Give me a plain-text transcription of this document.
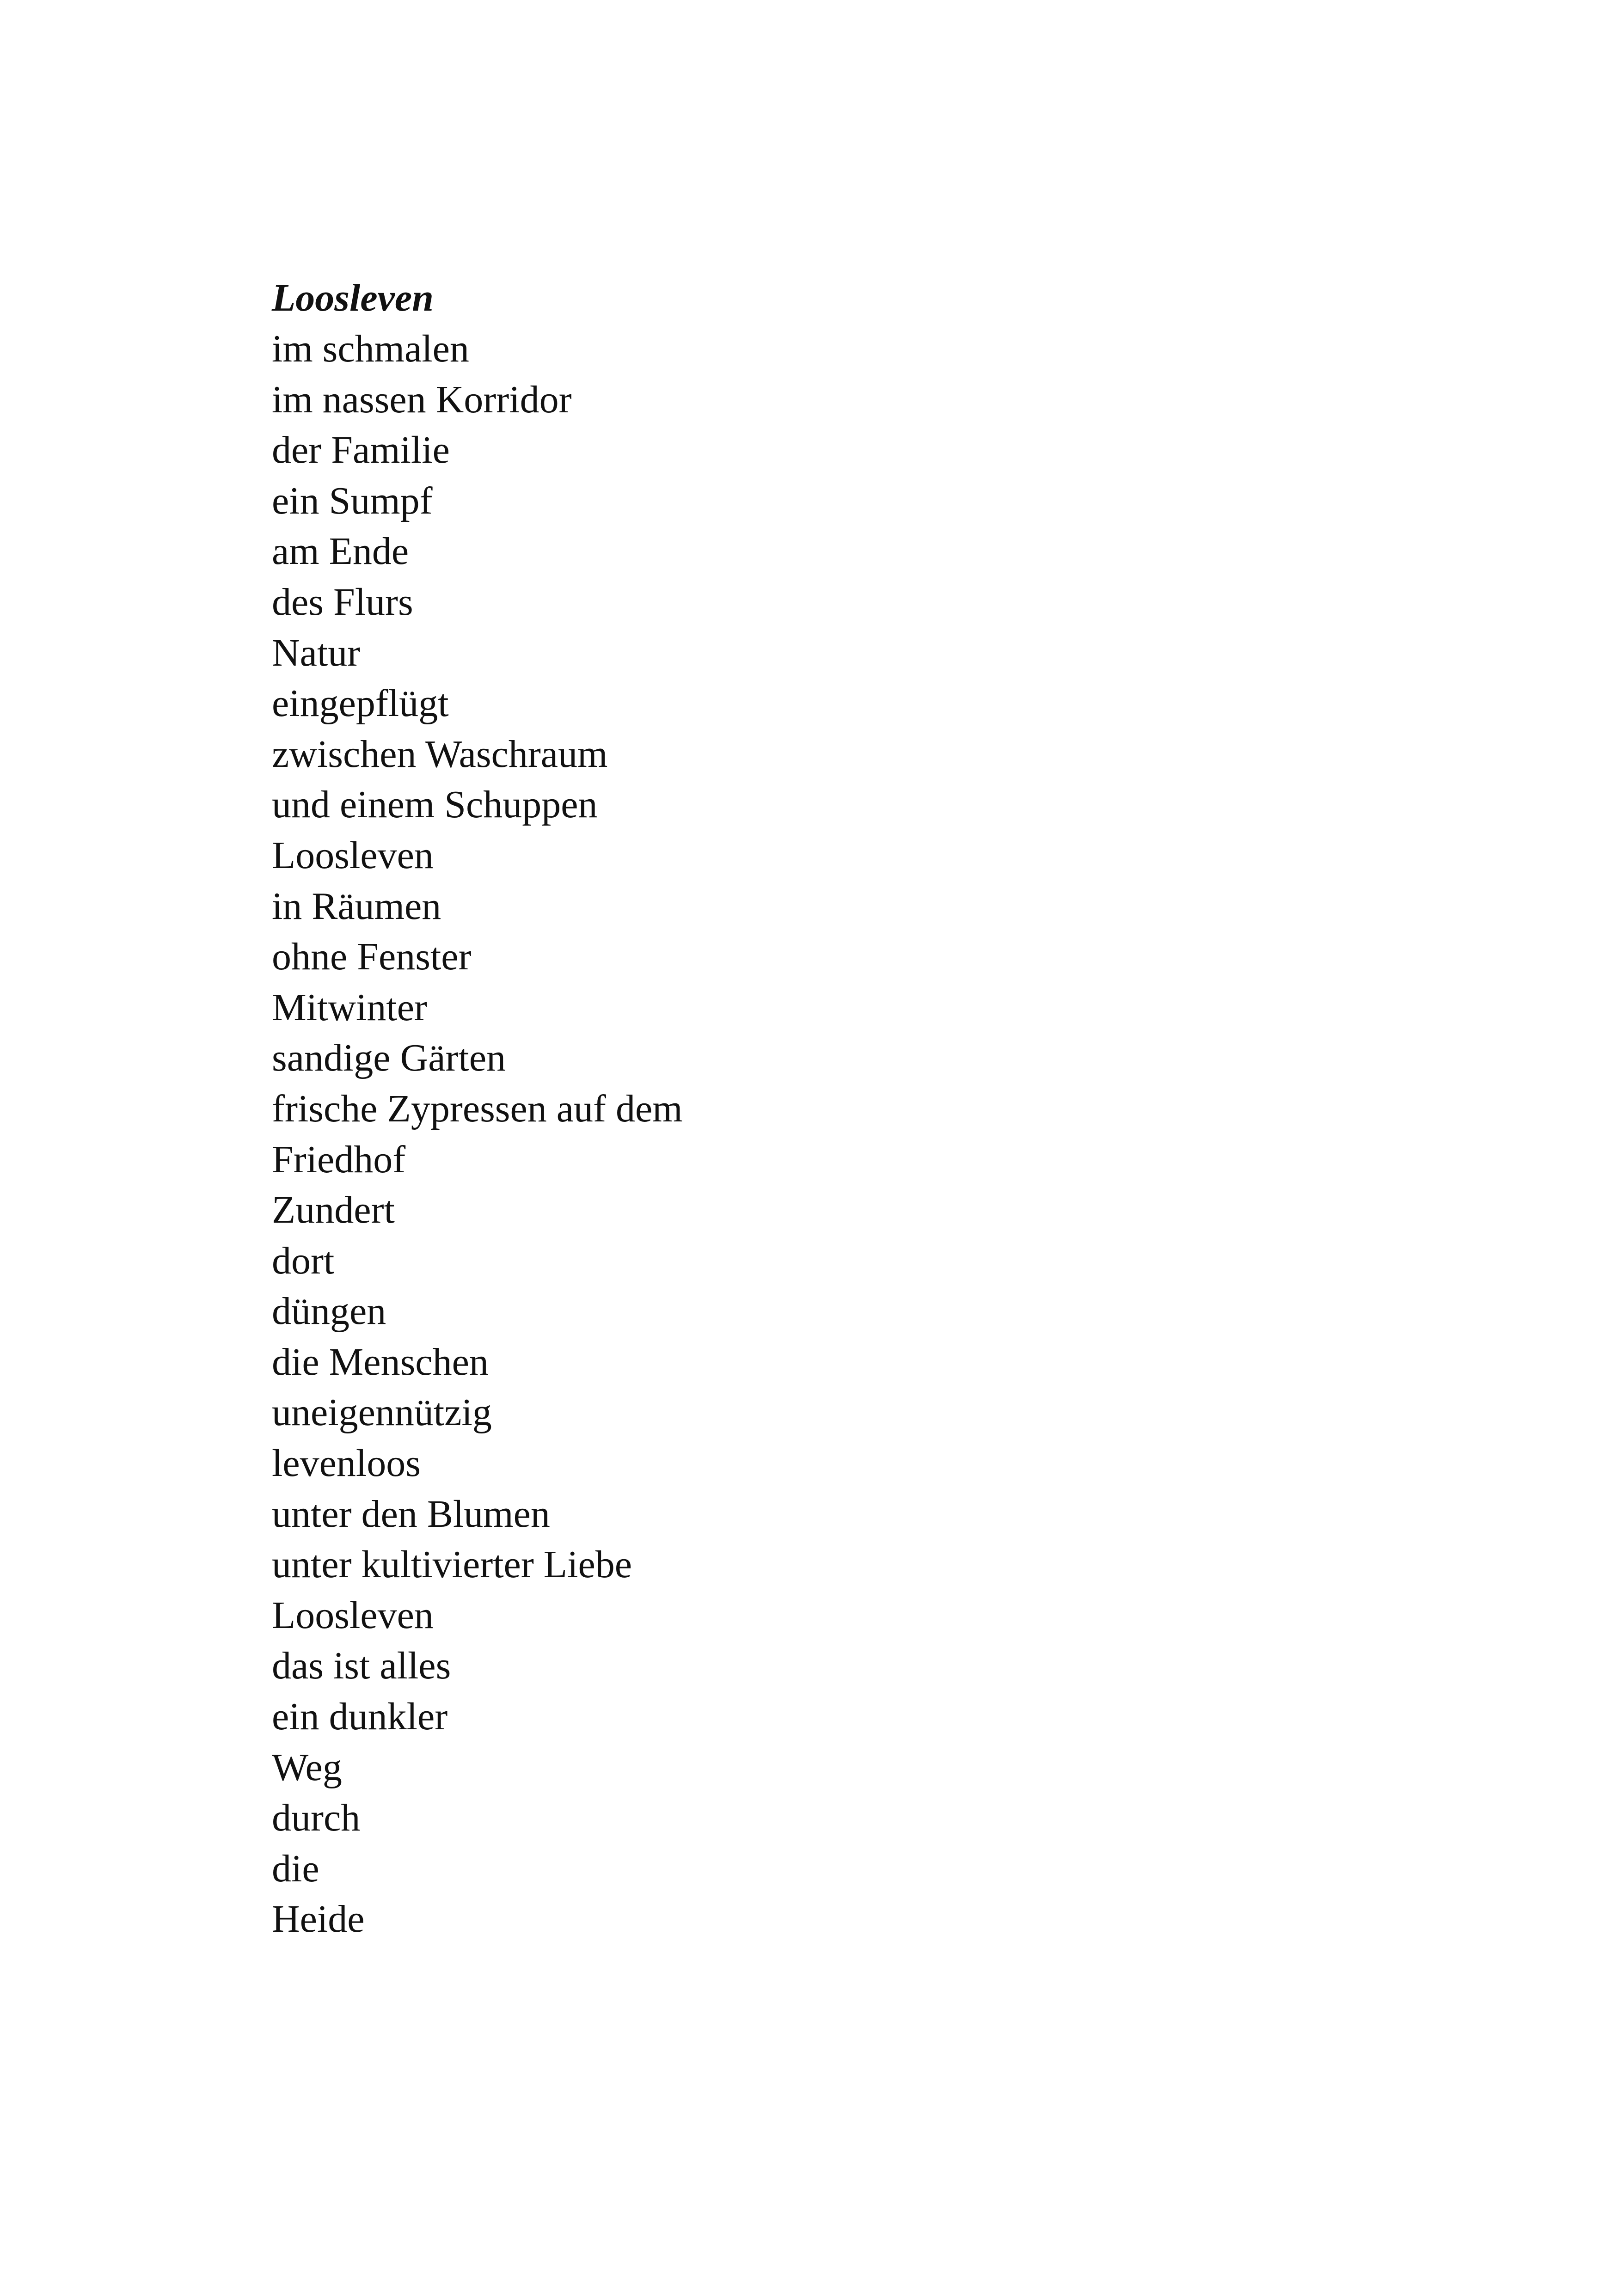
Loosleven
im schmalen
im nassen Korridor
der Familie
ein Sumpf
am Ende
des Flurs
Natur
eingepflügt
zwischen Waschraum
und einem Schuppen
Loosleven
in Räumen
ohne Fenster
Mitwinter
sandige Gärten
frische Zypressen auf dem
Friedhof
Zundert
dort
düngen
die Menschen
uneigennützig
levenloos
unter den Blumen
unter kultivierter Liebe
Loosleven
das ist alles
ein dunkler
Weg
durch
die
Heide
